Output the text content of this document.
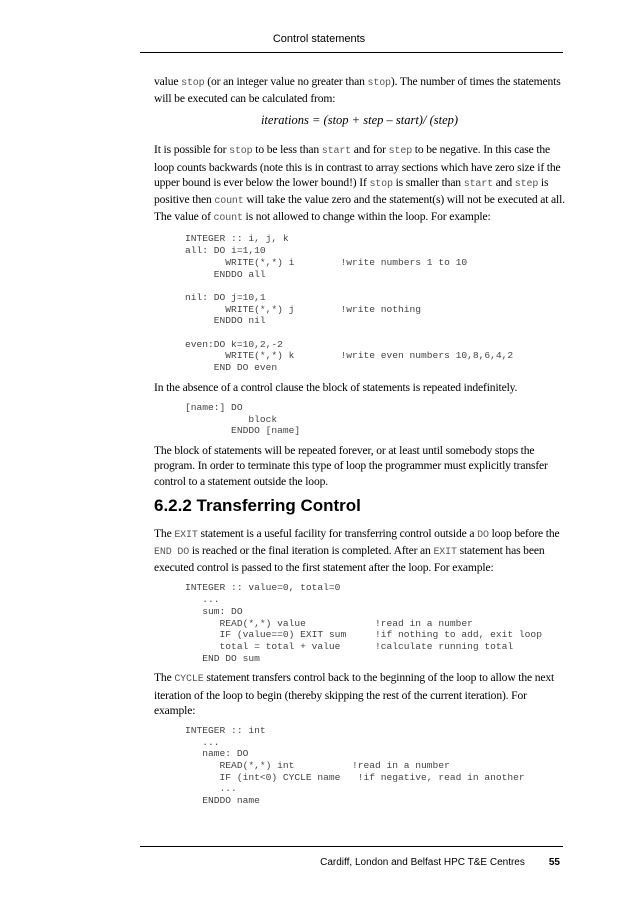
Control statements

value stop (or an integer value no greater than stop). The number of times the statements will be executed can be calculated from:

iterations = (stop + step – start)/ (step)

It is possible for stop to be less than start and for step to be negative. In this case the loop counts backwards (note this is in contrast to array sections which have zero size if the upper bound is ever below the lower bound!) If stop is smaller than start and step is positive then count will take the value zero and the statement(s) will not be executed at all. The value of count is not allowed to change within the loop. For example:

INTEGER :: i, j, k
all: DO i=1,10
WRITE(*,*) i        !write numbers 1 to 10
ENDDO all

nil: DO j=10,1
WRITE(*,*) j        !write nothing
ENDDO nil

even:DO k=10,2,-2
WRITE(*,*) k        !write even numbers 10,8,6,4,2
END DO even

In the absence of a control clause the block of statements is repeated indefinitely.

[name:] DO
block
ENDDO [name]

The block of statements will be repeated forever, or at least until somebody stops the program. In order to terminate this type of loop the programmer must explicitly transfer control to a statement outside the loop.

6.2.2 Transferring Control

The EXIT statement is a useful facility for transferring control outside a DO loop before the END DO is reached or the final iteration is completed. After an EXIT statement has been executed control is passed to the first statement after the loop. For example:

INTEGER :: value=0, total=0
...
sum: DO
READ(*,*) value            !read in a number
IF (value==0) EXIT sum     !if nothing to add, exit loop
total = total + value      !calculate running total
END DO sum

The CYCLE statement transfers control back to the beginning of the loop to allow the next iteration of the loop to begin (thereby skipping the rest of the current iteration). For example:

INTEGER :: int
...
name: DO
READ(*,*) int          !read in a number
IF (int<0) CYCLE name   !if negative, read in another
...
ENDDO name
Cardiff, London and Belfast HPC T&E Centres 55
